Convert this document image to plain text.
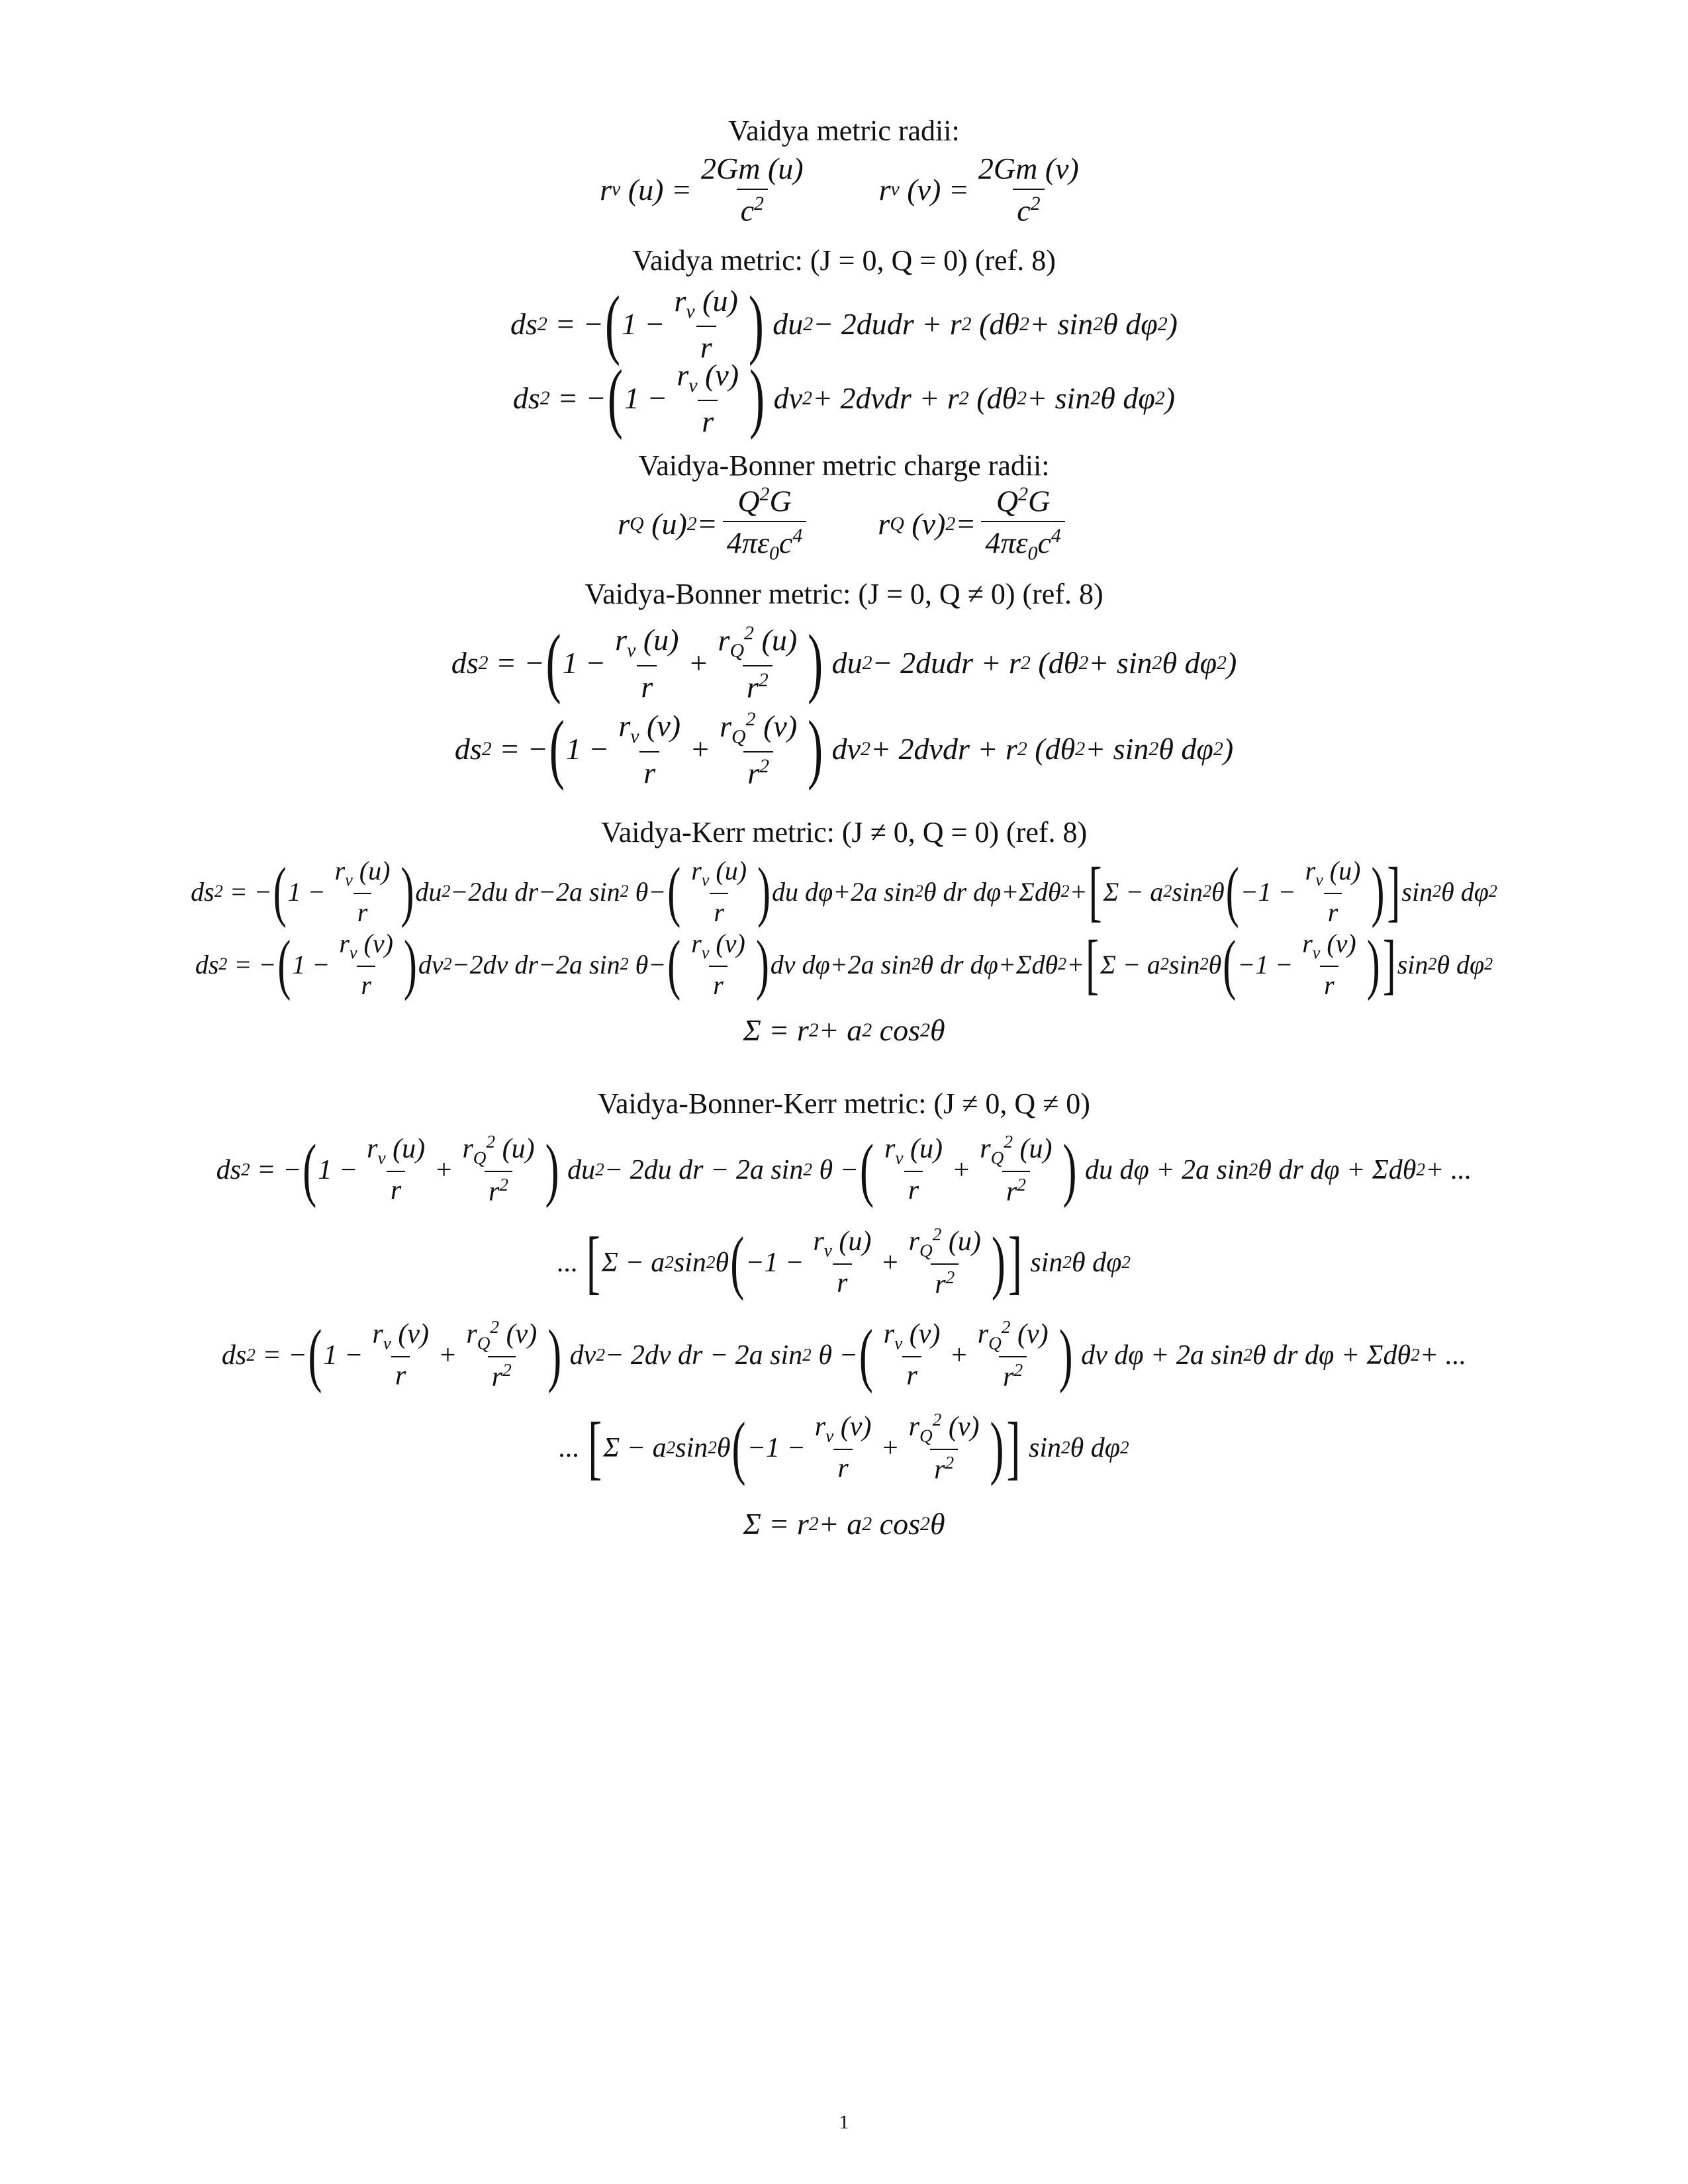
Vaidya metric radii:
r v $(u) = \frac{2Gm (u)}{c^2}$ r v $(v) = \frac{2Gm (v)}{c^2}$
Vaidya metric: (J = 0, Q = 0) (ref. 8)
ds 2 = − ( $1 - \frac{r_v (u)}{r}$ ) du 2 − 2dudr + r 2 (dθ 2 + sin 2 θ dφ 2 )
ds 2 = − ( $1 - \frac{r_v (v)}{r}$ ) dv 2 + 2dvdr + r 2 (dθ 2 + sin 2 θ dφ 2 )
Vaidya-Bonner metric charge radii:
r Q (u) $2 = \frac{Q^2G}{4\pi\varepsilon_0c^4}$ r Q (v) $2 = \frac{Q^2G}{4\pi\varepsilon_0c^4}$
Vaidya-Bonner metric: (J = 0, Q ≠ 0) (ref. 8)
ds 2 = − ( $1 - \frac{r_v (u)}{r} + \frac{r_Q^2 (u)}{r^2}$ ) du 2 − 2dudr + r 2 (dθ 2 + sin 2 θ dφ 2 )
ds 2 = − ( $1 - \frac{r_v (v)}{r} + \frac{r_Q^2 (v)}{r^2}$ ) dv 2 + 2dvdr + r 2 (dθ 2 + sin 2 θ dφ 2 )
Vaidya-Kerr metric: (J ≠ 0, Q = 0) (ref. 8)
ds 2 = − ( $1 - \frac{r_v (u)}{r}$ ) du 2 −2du dr−2a sin 2 θ− ( $\frac{r_v (u)}{r}$ ) du dφ+2a sin 2 θ dr dφ+Σdθ 2 + [ Σ − a 2 sin 2 θ ( $-1 - \frac{r_v (u)}{r}$ ) ] sin 2 θ dφ 2
ds 2 = − ( $1 - \frac{r_v (v)}{r}$ ) dv 2 −2dv dr−2a sin 2 θ− ( $\frac{r_v (v)}{r}$ ) dv dφ+2a sin 2 θ dr dφ+Σdθ 2 + [ Σ − a 2 sin 2 θ ( $-1 - \frac{r_v (v)}{r}$ ) ] sin 2 θ dφ 2
Σ = r 2 + a 2 cos 2 θ
Vaidya-Bonner-Kerr metric: (J ≠ 0, Q ≠ 0)
ds 2 = − ( $1 - \frac{r_v (u)}{r} + \frac{r_Q^2 (u)}{r^2}$ ) du 2 − 2du dr − 2a sin 2 θ − ( $\frac{r_v (u)}{r} + \frac{r_Q^2 (u)}{r^2}$ ) du dφ + 2a sin 2 θ dr dφ + Σdθ 2 + ...
... [ Σ − a 2 sin 2 θ ( $-1 - \frac{r_v (u)}{r} + \frac{r_Q^2 (u)}{r^2}$ ) ] sin 2 θ dφ 2
ds 2 = − ( $1 - \frac{r_v (v)}{r} + \frac{r_Q^2 (v)}{r^2}$ ) dv 2 − 2dv dr − 2a sin 2 θ − ( $\frac{r_v (v)}{r} + \frac{r_Q^2 (v)}{r^2}$ ) dv dφ + 2a sin 2 θ dr dφ + Σdθ 2 + ...
... [ Σ − a 2 sin 2 θ ( $-1 - \frac{r_v (v)}{r} + \frac{r_Q^2 (v)}{r^2}$ ) ] sin 2 θ dφ 2
Σ = r 2 + a 2 cos 2 θ
1
